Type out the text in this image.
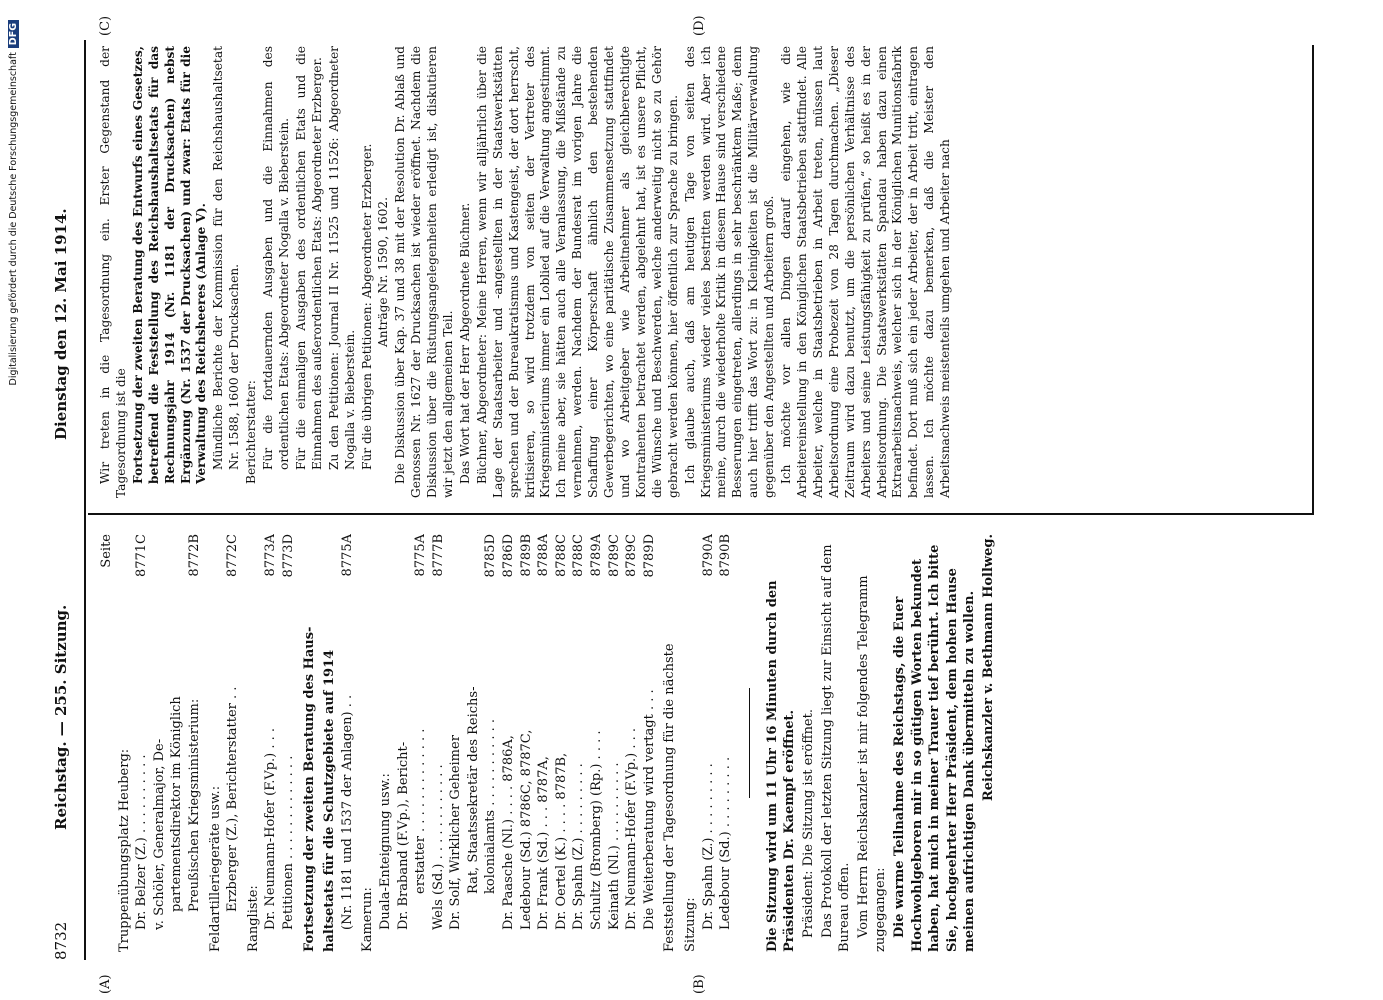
Digitalisierung gefördert durch die Deutsche ForschungsgemeinschaftDFG
8732
Reichstag. — 255. Sitzung.
Dienstag den 12. Mai 1914.
(A)	(B)
(C)	(D)
Seite
Truppenübungsplatz Heuberg: Dr. Belzer (Z.) . . . . . . . . . .
8771C
v. Schöler, Generalmajor, De- partementsdirektor im Königlich Preußischen Kriegsministerium:
8772B
Feldartilleriegeräte usw.: Erzberger (Z.), Berichterstatter . .
8772C
Rangliste: Dr. Neumann-Hofer (F.Vp.) . . .
8773A
Petitionen . . . . . . . . . . . . .
8773D
Fortsetzung der zweiten Beratung des Haus- haltsetats für die Schutzgebiete auf 1914 (Nr. 1181 und 1537 der Anlagen) . .
8775A
Kamerun: Duala-Enteignung usw.: Dr. Braband (F.Vp.), Bericht- erstatter . . . . . . . . . . . . .
8775A
Wels (Sd.) . . . . . . . . . . . .
8777B
Dr. Solf, Wirklicher Geheimer Rat, Staatssekretär des Reichs- kolonialamts . . . . . . . . . . .
8785D
Dr. Paasche (Nl.) . . . . 8786A,
8786D
Ledebour (Sd.) 8786C, 8787C,
8789B
Dr. Frank (Sd.) . . . 8787A,
8788A
Dr. Oertel (K.) . . . . 8787B,
8788C
Dr. Spahn (Z.) . . . . . . . . .
8788C
Schultz (Bromberg) (Rp.) . . . .
8789A
Keinath (Nl.) . . . . . . . . . .
8789C
Dr. Neumann-Hofer (F.Vp.) . . .
8789C
Die Weiterberatung wird vertagt . . .
8789D
Feststellung der Tagesordnung für die nächste Sitzung: Dr. Spahn (Z.) . . . . . . . . .
8790A
Ledebour (Sd.) . . . . . . . . .
8790B

Die Sitzung wird um 11 Uhr 16 Minuten durch den Präsidenten Dr. Kaempf eröffnet. Präsident: Die Sitzung ist eröffnet. Das Protokoll der letzten Sitzung liegt zur Einsicht auf dem Bureau offen. Vom Herrn Reichskanzler ist mir folgendes Telegramm zugegangen: Die warme Teilnahme des Reichstags, die Euer Hochwohlgeboren mir in so gütigen Worten bekundet haben, hat mich in meiner Trauer tief berührt. Ich bitte Sie, hochgeehrter Herr Präsident, dem hohen Hause meinen aufrichtigen Dank übermitteln zu wollen. Reichskanzler v. Bethmann Hollweg.

Wir treten in die Tagesordnung ein. Erster Gegenstand der Tagesordnung ist die Fortsetzung der zweiten Beratung des Entwurfs eines Gesetzes, betreffend die Feststellung des Reichshaushaltsetats für das Rechnungsjahr 1914 (Nr. 1181 der Drucksachen) nebst Ergänzung (Nr. 1537 der Drucksachen) und zwar: Etats für die Verwaltung des Reichsheeres (Anlage V). Mündliche Berichte der Kommission für den Reichshaushaltsetat Nr. 1588, 1600 der Drucksachen. Berichterstatter: Für die fortdauernden Ausgaben und die Einnahmen des ordentlichen Etats: Abgeordneter Nogalla v. Bieberstein. Für die einmaligen Ausgaben des ordentlichen Etats und die Einnahmen des außerordentlichen Etats: Abgeordneter Erzberger. Zu den Petitionen: Journal II Nr. 11525 und 11526: Abgeordneter Nogalla v. Bieberstein. Für die übrigen Petitionen: Abgeordneter Erzberger. Anträge Nr. 1590, 1602. Die Diskussion über Kap. 37 und 38 mit der Resolution Dr. Ablaß und Genossen Nr. 1627 der Drucksachen ist wieder eröffnet. Nachdem die Diskussion über die Rüstungsangelegenheiten erledigt ist, diskutieren wir jetzt den allgemeinen Teil. Das Wort hat der Herr Abgeordnete Büchner. Büchner, Abgeordneter: Meine Herren, wenn wir alljährlich über die Lage der Staatsarbeiter und -angestellten in der Staatswerkstätten sprechen und der Bureaukratismus und Kastengeist, der dort herrscht, kritisieren, so wird trotzdem von seiten der Vertreter des Kriegsministeriums immer ein Loblied auf die Verwaltung angestimmt. Ich meine aber, sie hätten auch alle Veranlassung, die Mißstände zu vernehmen, werden. Nachdem der Bundesrat im vorigen Jahre die Schaffung einer Körperschaft ähnlich den bestehenden Gewerbegerichten, wo eine paritätische Zusammensetzung stattfindet und wo Arbeitgeber wie Arbeitnehmer als gleichberechtigte Kontrahenten betrachtet werden, abgelehnt hat, ist es unsere Pflicht, die Wünsche und Beschwerden, welche anderweitig nicht so zu Gehör gebracht werden können, hier öffentlich zur Sprache zu bringen. Ich glaube auch, daß am heutigen Tage von seiten des Kriegsministeriums wieder vieles bestritten werden wird. Aber ich meine, durch die wiederholte Kritik in diesem Hause sind verschiedene Besserungen eingetreten, allerdings in sehr beschränktem Maße; denn auch hier trifft das Wort zu: in Kleinigkeiten ist die Militärverwaltung gegenüber den Angestellten und Arbeitern groß. Ich möchte vor allen Dingen darauf eingehen, wie die Arbeitereinstellung in den Königlichen Staatsbetrieben stattfindet. Alle Arbeiter, welche in Staatsbetrieben in Arbeit treten, müssen laut Arbeitsordnung eine Probezeit von 28 Tagen durchmachen. „Dieser Zeitraum wird dazu benutzt, um die persönlichen Verhältnisse des Arbeiters und seine Leistungsfähigkeit zu prüfen,“ so heißt es in der Arbeitsordnung. Die Staatswerkstätten Spandau haben dazu einen Extraarbeitsnachweis, welcher sich in der Königlichen Munitionsfabrik befindet. Dort muß sich ein jeder Arbeiter, der in Arbeit tritt, eintragen lassen. Ich möchte dazu bemerken, daß die Meister den Arbeitsnachweis meistenteils umgehen und Arbeiter nach
